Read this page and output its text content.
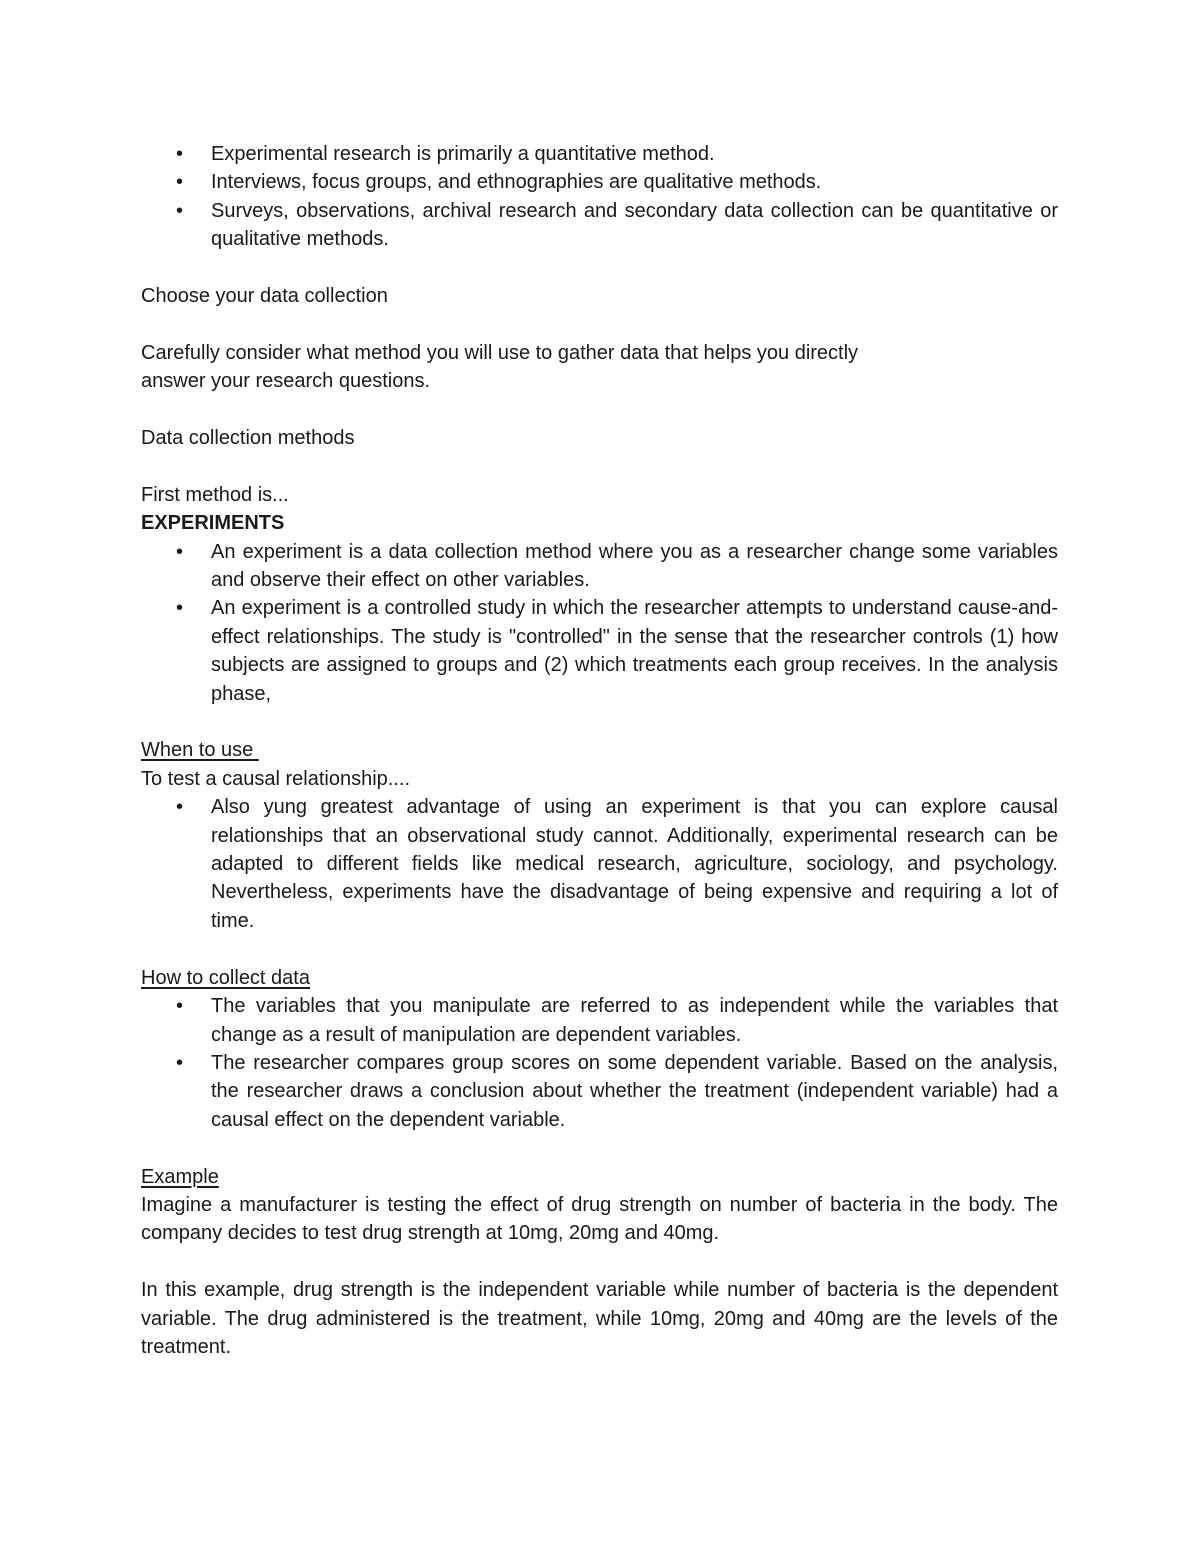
•	Experimental research is primarily a quantitative method.
•	Interviews, focus groups, and ethnographies are qualitative methods.
•	Surveys, observations, archival research and secondary data collection can be quantitative or qualitative methods.

Choose your data collection

Carefully consider what method you will use to gather data that helps you directly

answer your research questions.

Data collection methods

First method is...

EXPERIMENTS

•	An experiment is a data collection method where you as a researcher change some variables and observe their effect on other variables.
•	An experiment is a controlled study in which the researcher attempts to understand cause-and-effect relationships. The study is "controlled" in the sense that the researcher controls (1) how subjects are assigned to groups and (2) which treatments each group receives. In the analysis phase,

When to use

To test a causal relationship....

•	Also yung greatest advantage of using an experiment is that you can explore causal relationships that an observational study cannot. Additionally, experimental research can be adapted to different fields like medical research, agriculture, sociology, and psychology. Nevertheless, experiments have the disadvantage of being expensive and requiring a lot of time.

How to collect data

•	The variables that you manipulate are referred to as independent while the variables that change as a result of manipulation are dependent variables.
•	The researcher compares group scores on some dependent variable. Based on the analysis, the researcher draws a conclusion about whether the treatment (independent variable) had a causal effect on the dependent variable.

Example

Imagine a manufacturer is testing the effect of drug strength on number of bacteria in the body. The company decides to test drug strength at 10mg, 20mg and 40mg.

In this example, drug strength is the independent variable while number of bacteria is the dependent variable. The drug administered is the treatment, while 10mg, 20mg and 40mg are the levels of the treatment.
